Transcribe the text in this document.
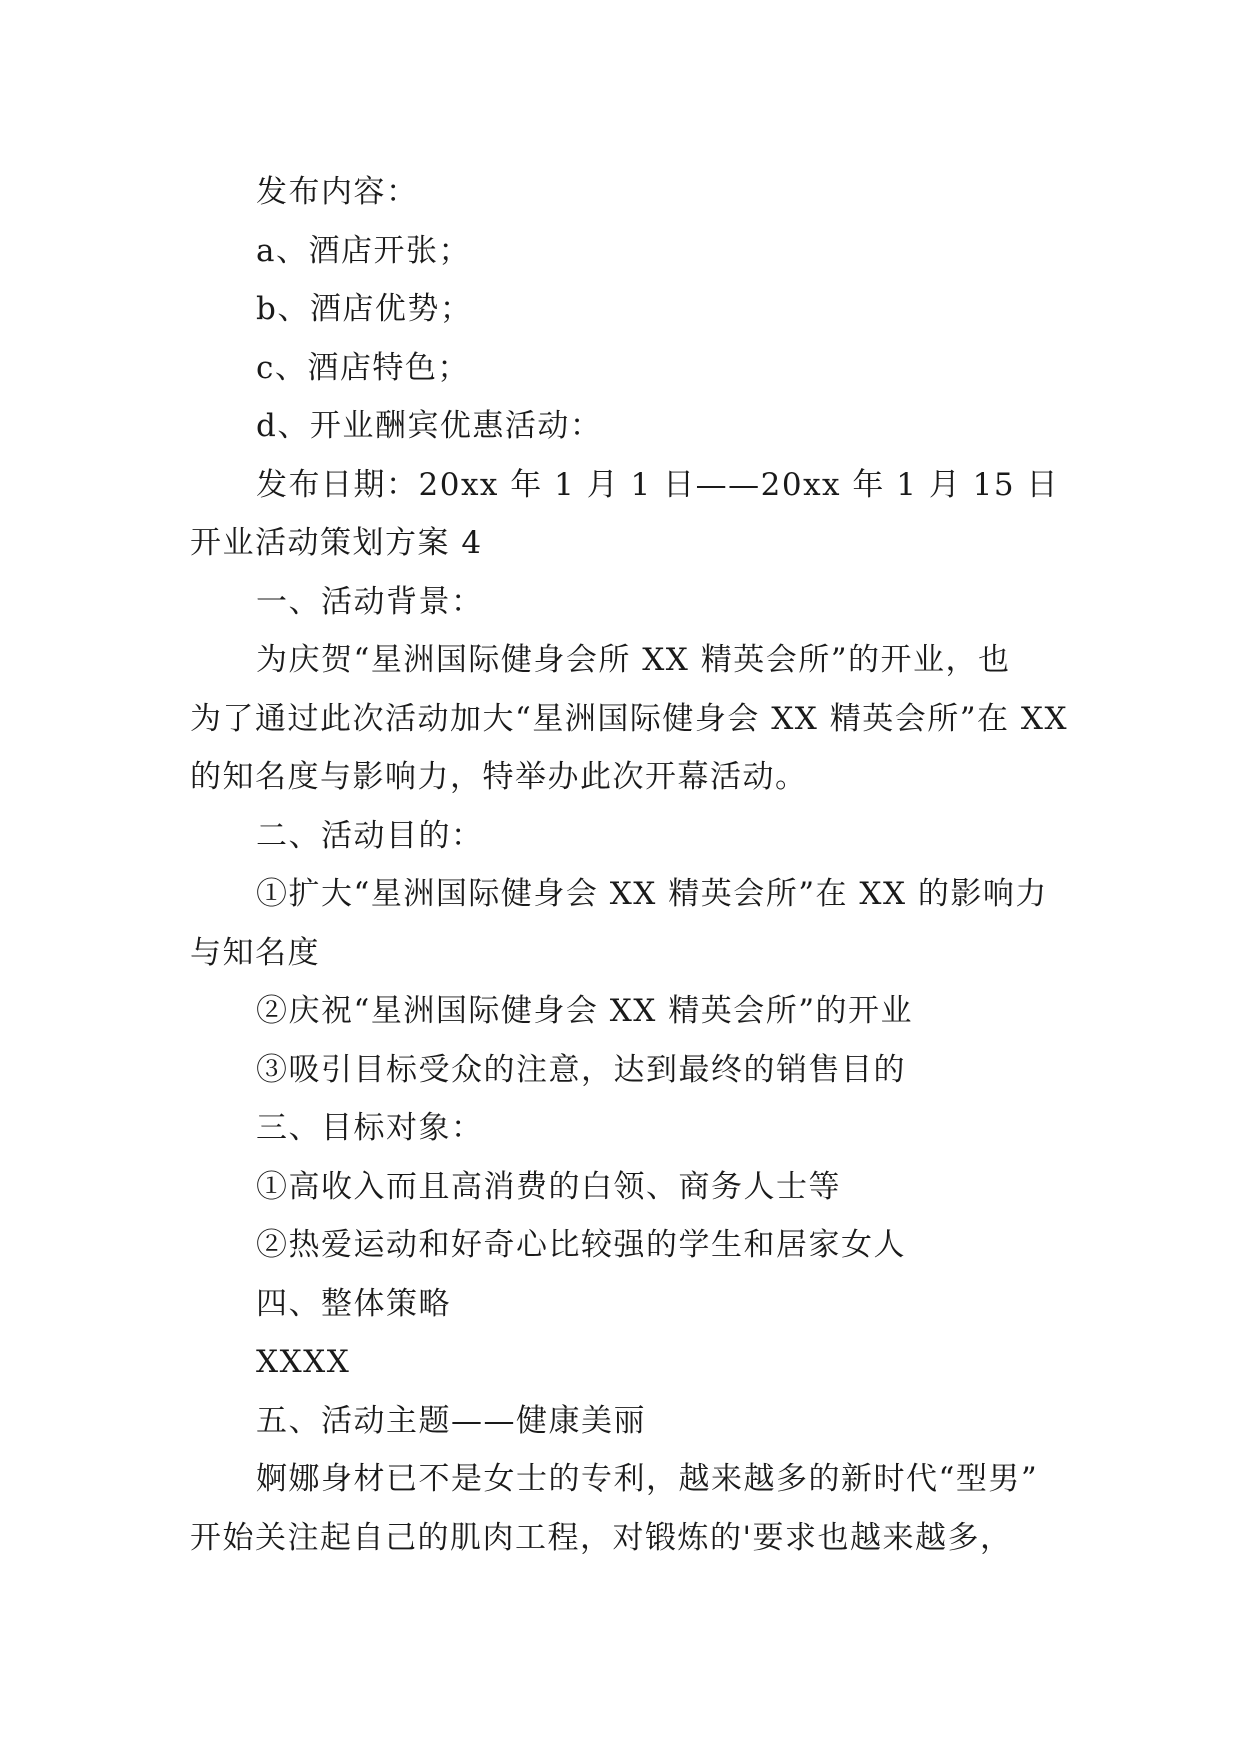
发布内容：
a、酒店开张；
b、酒店优势；
c、酒店特色；
d、开业酬宾优惠活动：
发布日期：20xx 年 1 月 1 日——20xx 年 1 月 15 日
开业活动策划方案 4
一、活动背景：
为庆贺“星洲国际健身会所 XX 精英会所”的开业，也
为了通过此次活动加大“星洲国际健身会 XX 精英会所”在 XX
的知名度与影响力，特举办此次开幕活动。
二、活动目的：
①扩大“星洲国际健身会 XX 精英会所”在 XX 的影响力
与知名度
②庆祝“星洲国际健身会 XX 精英会所”的开业
③吸引目标受众的注意，达到最终的销售目的
三、目标对象：
①高收入而且高消费的白领、商务人士等
②热爱运动和好奇心比较强的学生和居家女人
四、整体策略
XXXX
五、活动主题——健康美丽
婀娜身材已不是女士的专利，越来越多的新时代“型男”
开始关注起自己的肌肉工程，对锻炼的'要求也越来越多，
